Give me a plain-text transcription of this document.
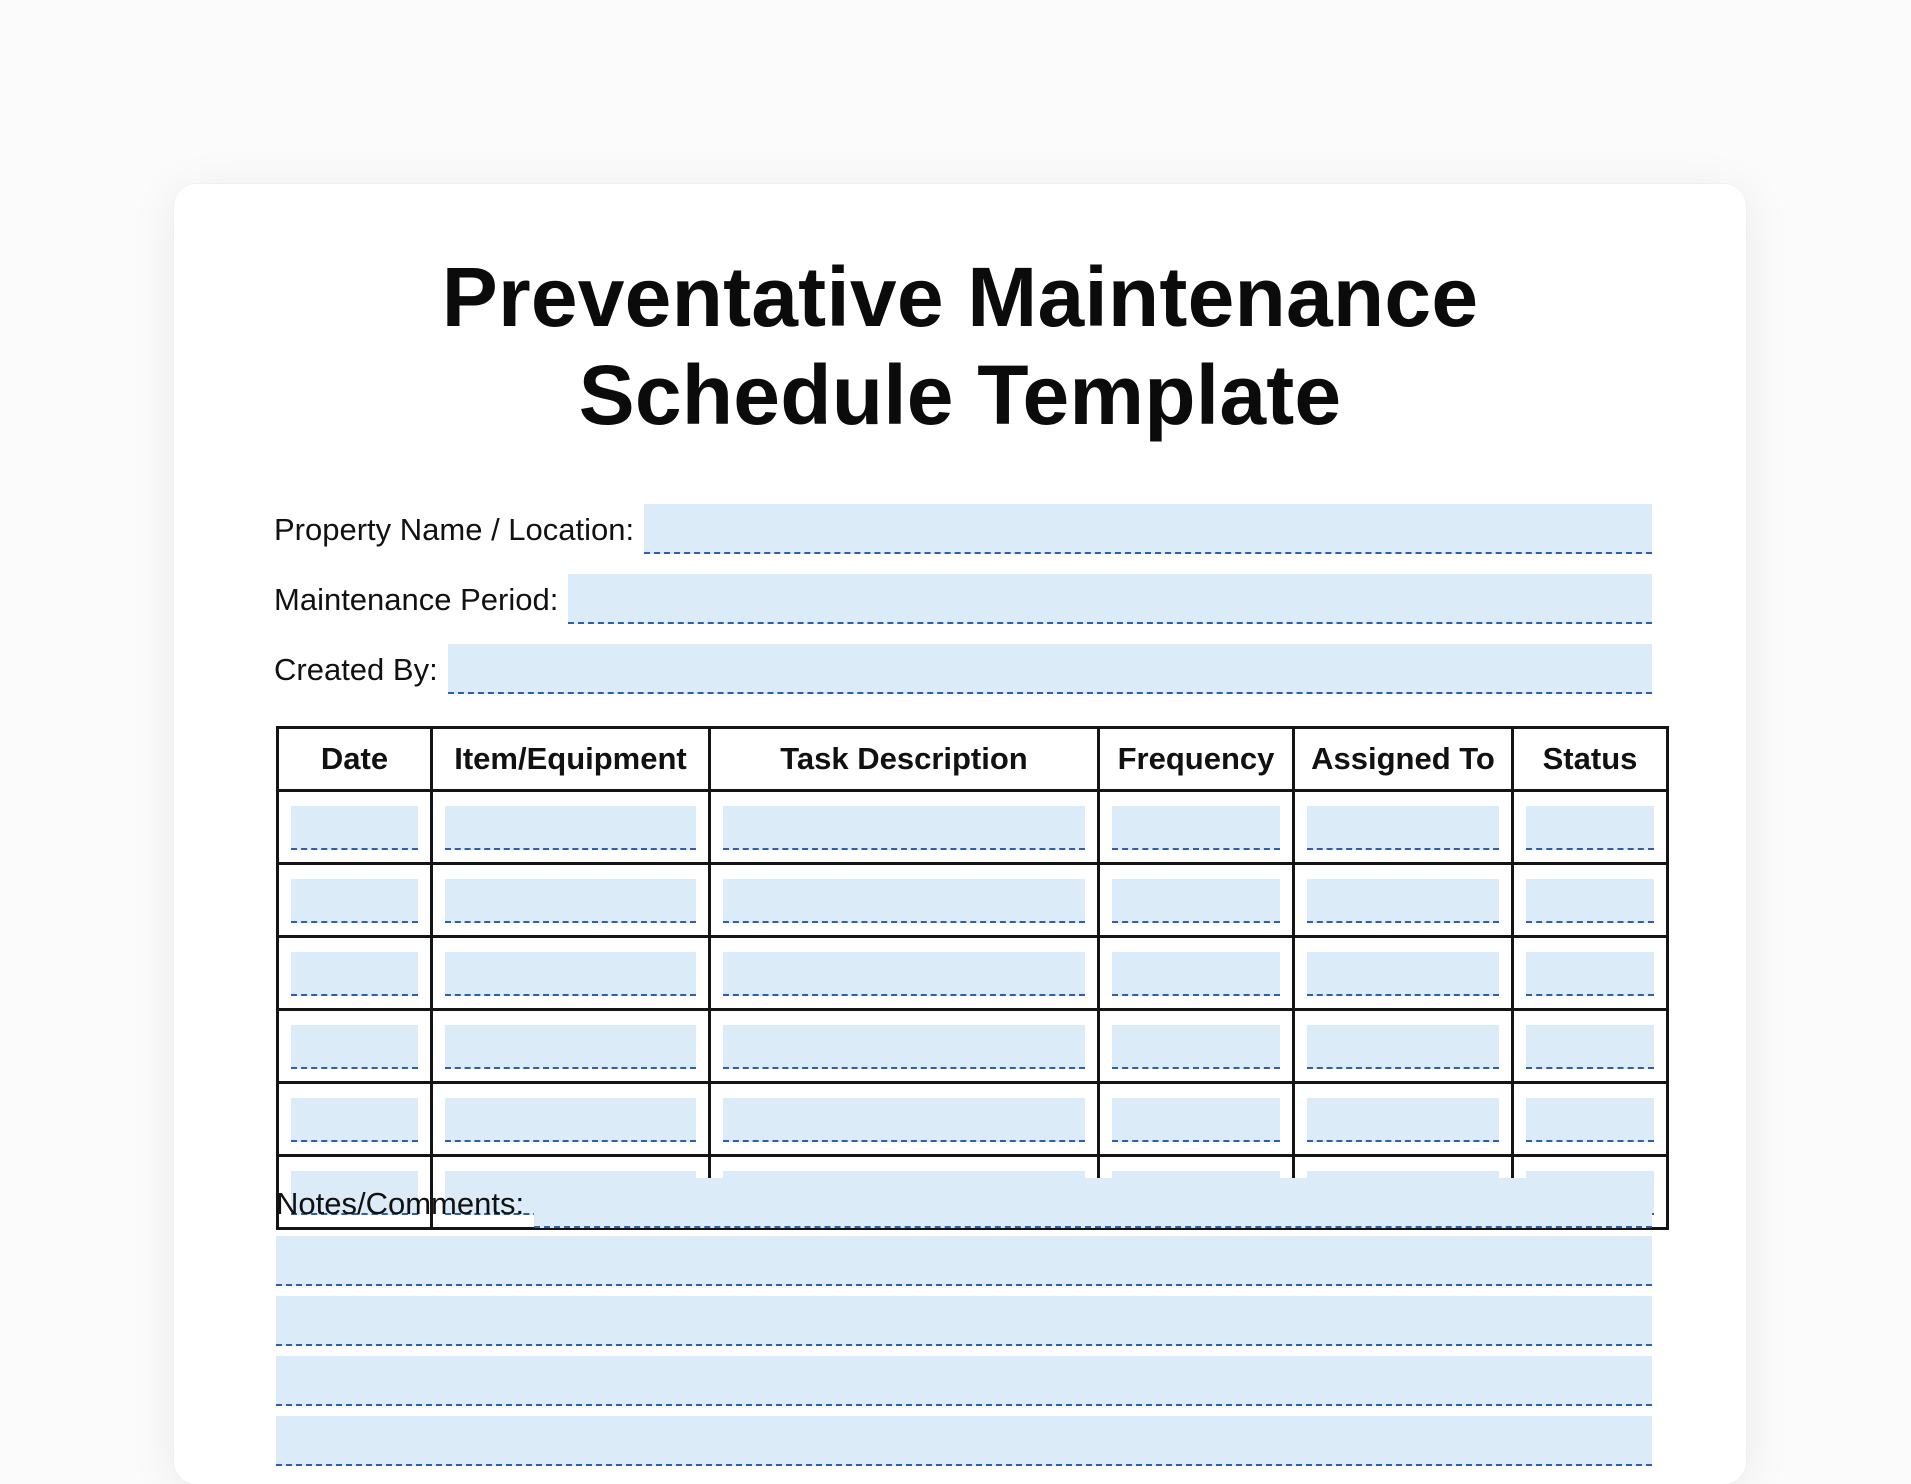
Preventative Maintenance
Schedule Template
Property Name / Location:
Maintenance Period:
Created By:
Date	Item/Equipment	Task Description	Frequency	Assigned To	Status

Notes/Comments:
